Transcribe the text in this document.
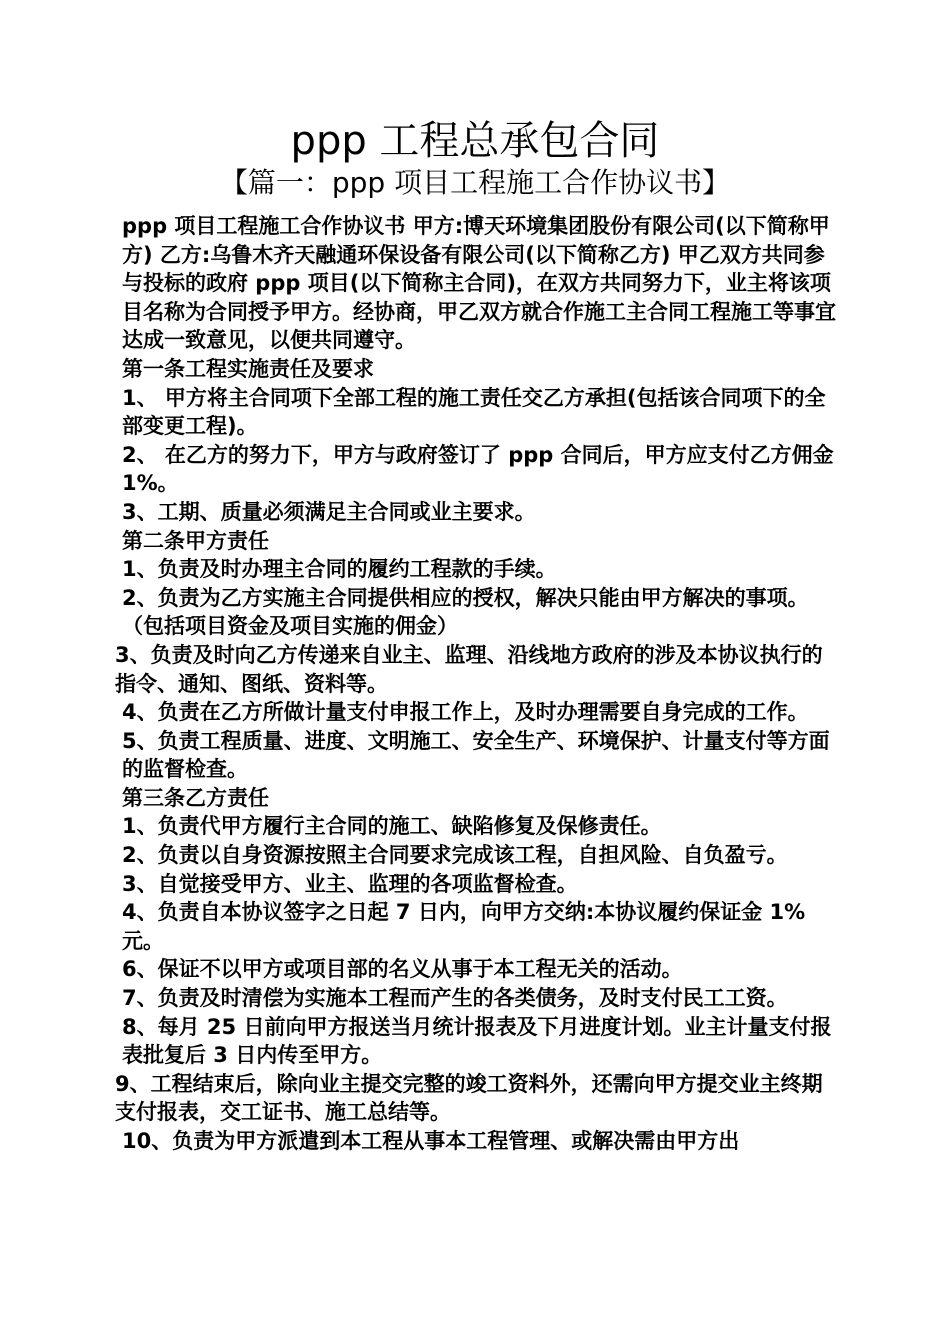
ppp 工程总承包合同
【篇一：ppp 项目工程施工合作协议书】

ppp 项目工程施工合作协议书 甲方:博天环境集团股份有限公司(以下简称甲方) 乙方:乌鲁木齐天融通环保设备有限公司(以下简称乙方) 甲乙双方共同参与投标的政府 ppp 项目(以下简称主合同)，在双方共同努力下，业主将该项目名称为合同授予甲方。经协商，甲乙双方就合作施工主合同工程施工等事宜达成一致意见，以便共同遵守。

第一条工程实施责任及要求

1、 甲方将主合同项下全部工程的施工责任交乙方承担(包括该合同项下的全部变更工程)。

2、 在乙方的努力下，甲方与政府签订了 ppp 合同后，甲方应支付乙方佣金 1%。

3、工期、质量必须满足主合同或业主要求。

第二条甲方责任

1、负责及时办理主合同的履约工程款的手续。

2、负责为乙方实施主合同提供相应的授权，解决只能由甲方解决的事项。 （包括项目资金及项目实施的佣金）

3、负责及时向乙方传递来自业主、监理、沿线地方政府的涉及本协议执行的指令、通知、图纸、资料等。

4、负责在乙方所做计量支付申报工作上，及时办理需要自身完成的工作。

5、负责工程质量、进度、文明施工、安全生产、环境保护、计量支付等方面的监督检查。

第三条乙方责任

1、负责代甲方履行主合同的施工、缺陷修复及保修责任。

2、负责以自身资源按照主合同要求完成该工程，自担风险、自负盈亏。

3、自觉接受甲方、业主、监理的各项监督检查。

4、负责自本协议签字之日起 7 日内，向甲方交纳:本协议履约保证金 1%元。

6、保证不以甲方或项目部的名义从事于本工程无关的活动。

7、负责及时清偿为实施本工程而产生的各类债务，及时支付民工工资。

8、每月 25 日前向甲方报送当月统计报表及下月进度计划。业主计量支付报表批复后 3 日内传至甲方。

9、工程结束后，除向业主提交完整的竣工资料外，还需向甲方提交业主终期支付报表，交工证书、施工总结等。

10、负责为甲方派遣到本工程从事本工程管理、或解决需由甲方出
